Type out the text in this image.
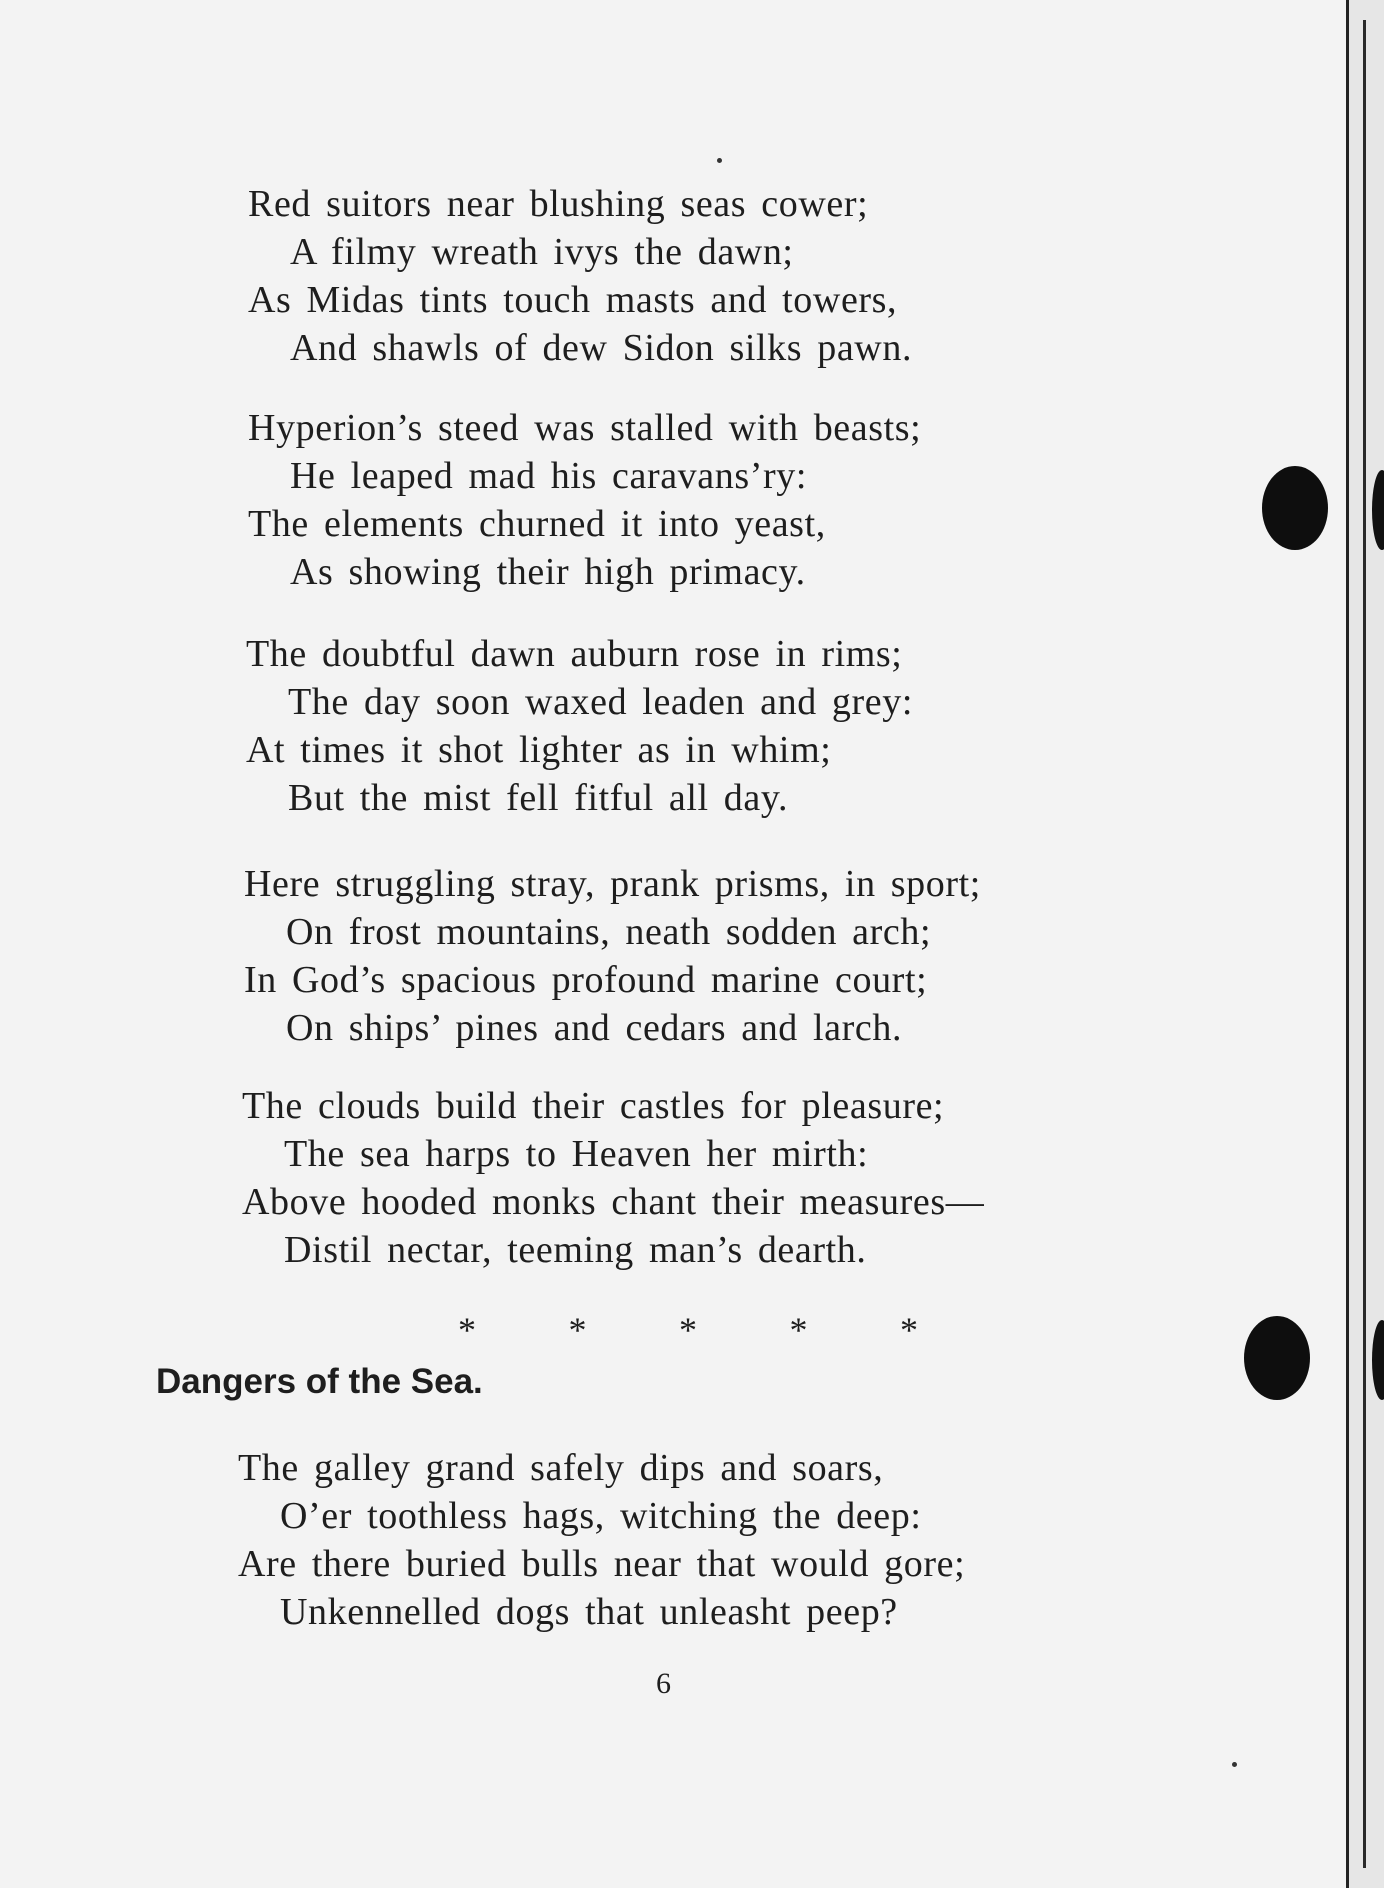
Red suitors near blushing seas cower;
A filmy wreath ivys the dawn;
As Midas tints touch masts and towers,
And shawls of dew Sidon silks pawn.
Hyperion’s steed was stalled with beasts;
He leaped mad his caravans’ry:
The elements churned it into yeast,
As showing their high primacy.
The doubtful dawn auburn rose in rims;
The day soon waxed leaden and grey:
At times it shot lighter as in whim;
But the mist fell fitful all day.
Here struggling stray, prank prisms, in sport;
On frost mountains, neath sodden arch;
In God’s spacious profound marine court;
On ships’ pines and cedars and larch.
The clouds build their castles for pleasure;
The sea harps to Heaven her mirth:
Above hooded monks chant their measures—
Distil nectar, teeming man’s dearth.
*	*	*	*	*
Dangers of the Sea.
The galley grand safely dips and soars,
O’er toothless hags, witching the deep:
Are there buried bulls near that would gore;
Unkennelled dogs that unleasht peep?
6
